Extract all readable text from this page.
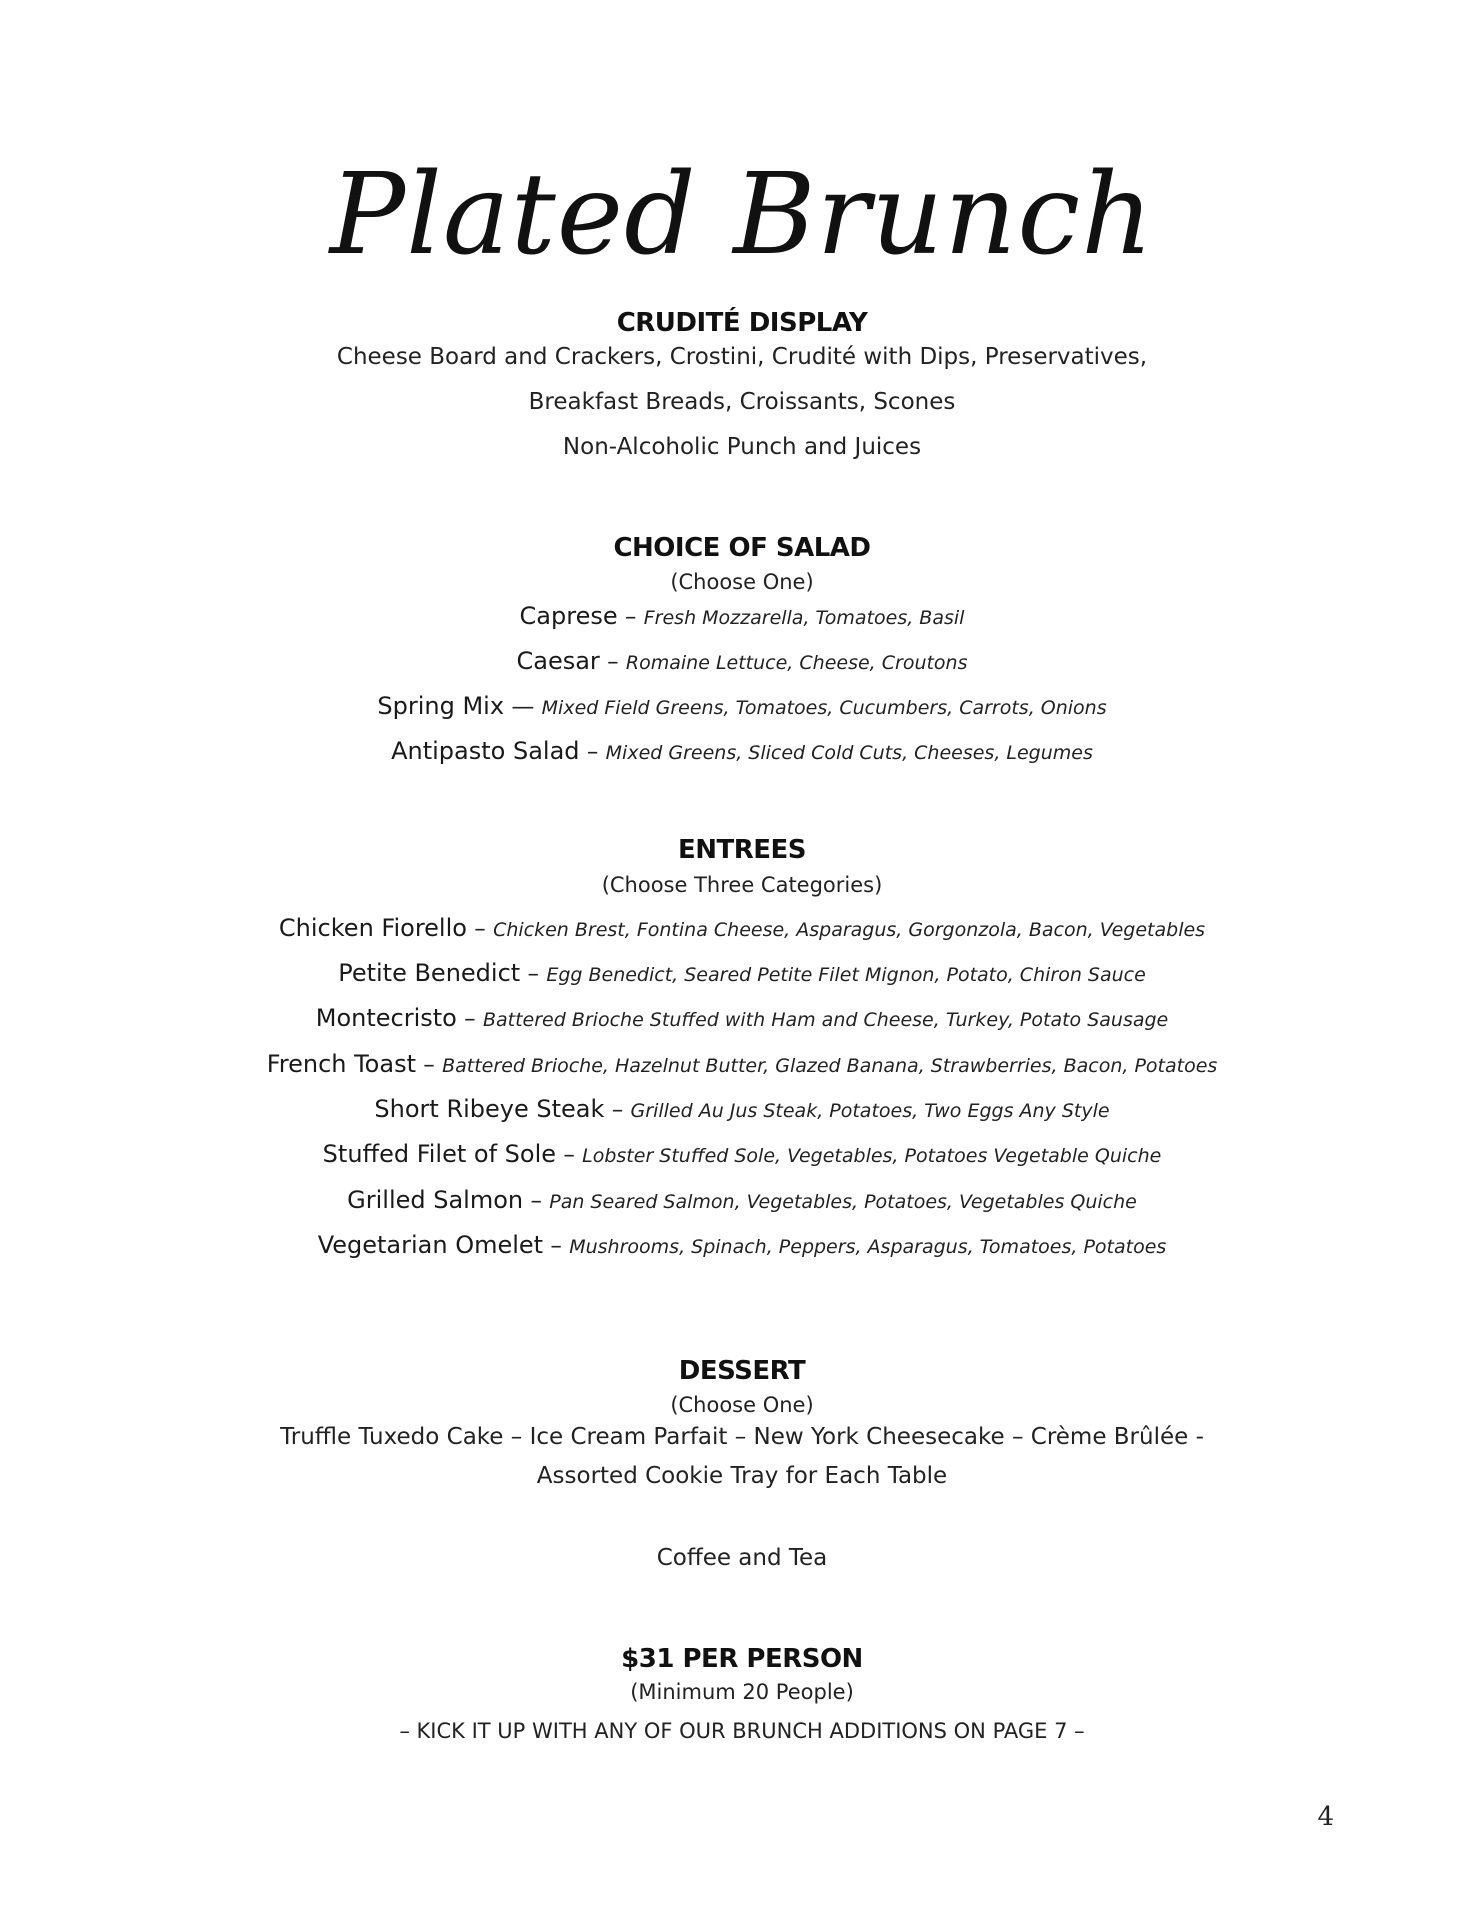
Plated Brunch
CRUDITÉ DISPLAY
Cheese Board and Crackers, Crostini, Crudité with Dips, Preservatives,
Breakfast Breads, Croissants, Scones
Non-Alcoholic Punch and Juices
CHOICE OF SALAD
(Choose One)
Caprese – Fresh Mozzarella, Tomatoes, Basil
Caesar – Romaine Lettuce, Cheese, Croutons
Spring Mix — Mixed Field Greens, Tomatoes, Cucumbers, Carrots, Onions
Antipasto Salad – Mixed Greens, Sliced Cold Cuts, Cheeses, Legumes
ENTREES
(Choose Three Categories)
Chicken Fiorello – Chicken Brest, Fontina Cheese, Asparagus, Gorgonzola, Bacon, Vegetables
Petite Benedict – Egg Benedict, Seared Petite Filet Mignon, Potato, Chiron Sauce
Montecristo – Battered Brioche Stuffed with Ham and Cheese, Turkey, Potato Sausage
French Toast – Battered Brioche, Hazelnut Butter, Glazed Banana, Strawberries, Bacon, Potatoes
Short Ribeye Steak – Grilled Au Jus Steak, Potatoes, Two Eggs Any Style
Stuffed Filet of Sole – Lobster Stuffed Sole, Vegetables, Potatoes Vegetable Quiche
Grilled Salmon – Pan Seared Salmon, Vegetables, Potatoes, Vegetables Quiche
Vegetarian Omelet – Mushrooms, Spinach, Peppers, Asparagus, Tomatoes, Potatoes
DESSERT
(Choose One)
Truffle Tuxedo Cake – Ice Cream Parfait – New York Cheesecake – Crème Brûlée -
Assorted Cookie Tray for Each Table
Coffee and Tea
$31 PER PERSON
(Minimum 20 People)
– KICK IT UP WITH ANY OF OUR BRUNCH ADDITIONS ON PAGE 7 –
4
